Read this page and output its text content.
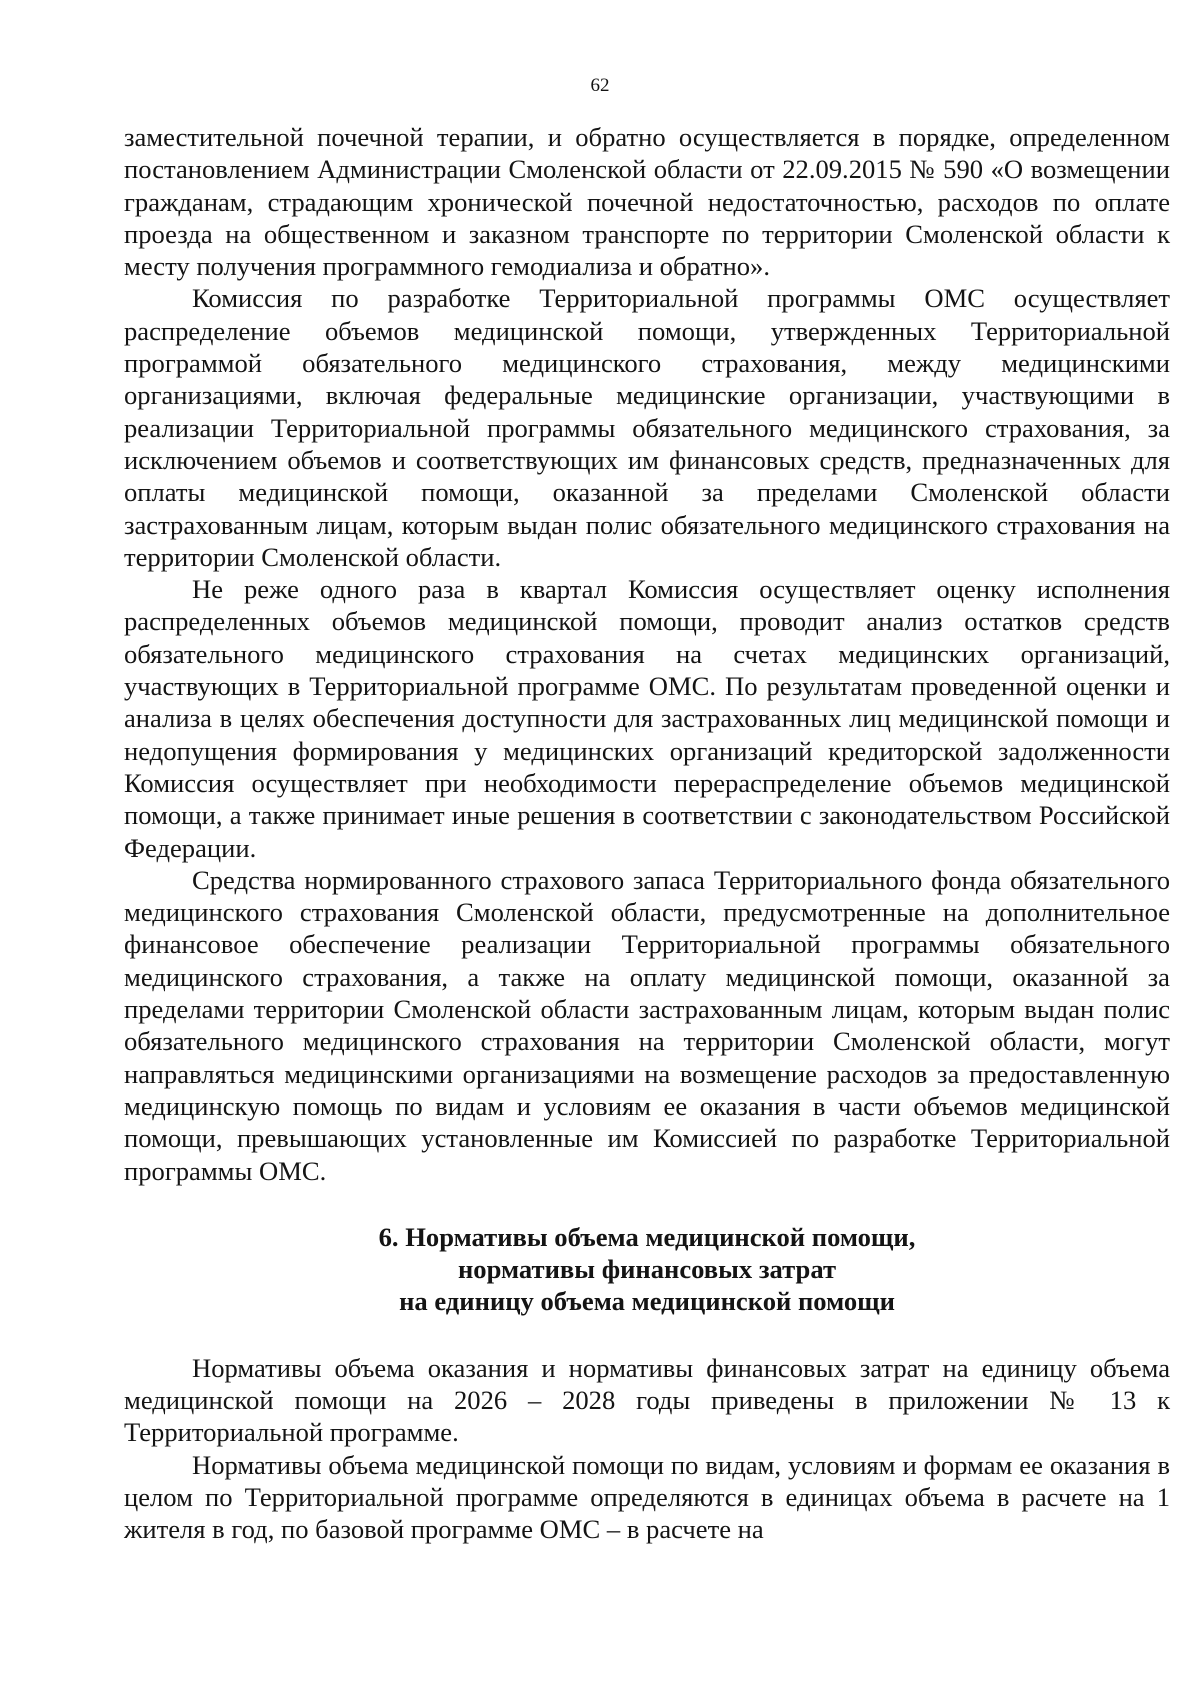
62

заместительной почечной терапии, и обратно осуществляется в порядке, определенном постановлением Администрации Смоленской области от 22.09.2015 № 590 «О возмещении гражданам, страдающим хронической почечной недостаточностью, расходов по оплате проезда на общественном и заказном транспорте по территории Смоленской области к месту получения программного гемодиализа и обратно».

Комиссия по разработке Территориальной программы ОМС осуществляет распределение объемов медицинской помощи, утвержденных Территориальной программой обязательного медицинского страхования, между медицинскими организациями, включая федеральные медицинские организации, участвующими в реализации Территориальной программы обязательного медицинского страхования, за исключением объемов и соответствующих им финансовых средств, предназначенных для оплаты медицинской помощи, оказанной за пределами Смоленской области застрахованным лицам, которым выдан полис обязательного медицинского страхования на территории Смоленской области.

Не реже одного раза в квартал Комиссия осуществляет оценку исполнения распределенных объемов медицинской помощи, проводит анализ остатков средств обязательного медицинского страхования на счетах медицинских организаций, участвующих в Территориальной программе ОМС. По результатам проведенной оценки и анализа в целях обеспечения доступности для застрахованных лиц медицинской помощи и недопущения формирования у медицинских организаций кредиторской задолженности Комиссия осуществляет при необходимости перераспределение объемов медицинской помощи, а также принимает иные решения в соответствии с законодательством Российской Федерации.

Средства нормированного страхового запаса Территориального фонда обязательного медицинского страхования Смоленской области, предусмотренные на дополнительное финансовое обеспечение реализации Территориальной программы обязательного медицинского страхования, а также на оплату медицинской помощи, оказанной за пределами территории Смоленской области застрахованным лицам, которым выдан полис обязательного медицинского страхования на территории Смоленской области, могут направляться медицинскими организациями на возмещение расходов за предоставленную медицинскую помощь по видам и условиям ее оказания в части объемов медицинской помощи, превышающих установленные им Комиссией по разработке Территориальной программы ОМС.

6. Нормативы объема медицинской помощи,
нормативы финансовых затрат
на единицу объема медицинской помощи

Нормативы объема оказания и нормативы финансовых затрат на единицу объема медицинской помощи на 2026 – 2028 годы приведены в приложении № 13 к Территориальной программе.

Нормативы объема медицинской помощи по видам, условиям и формам ее оказания в целом по Территориальной программе определяются в единицах объема в расчете на 1 жителя в год, по базовой программе ОМС – в расчете на
